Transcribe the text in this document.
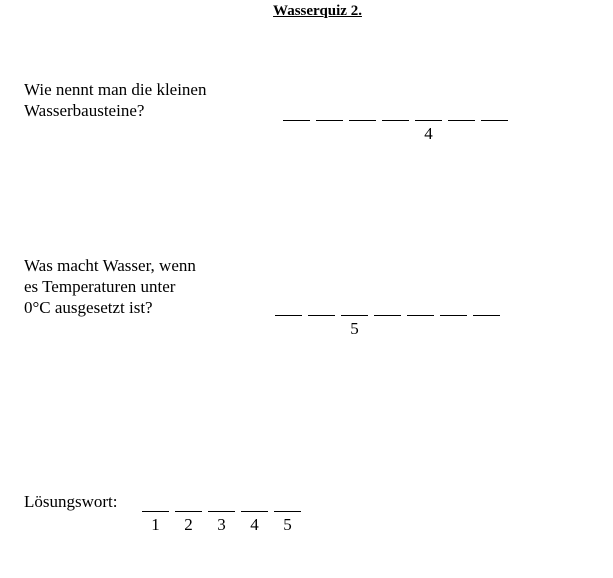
Wasserquiz 2.
Wie nennt man die kleinen
Wasserbausteine?
4
Was macht Wasser, wenn
es Temperaturen unter
0°C ausgesetzt ist?
5
Lösungswort:
1	2	3	4	5
